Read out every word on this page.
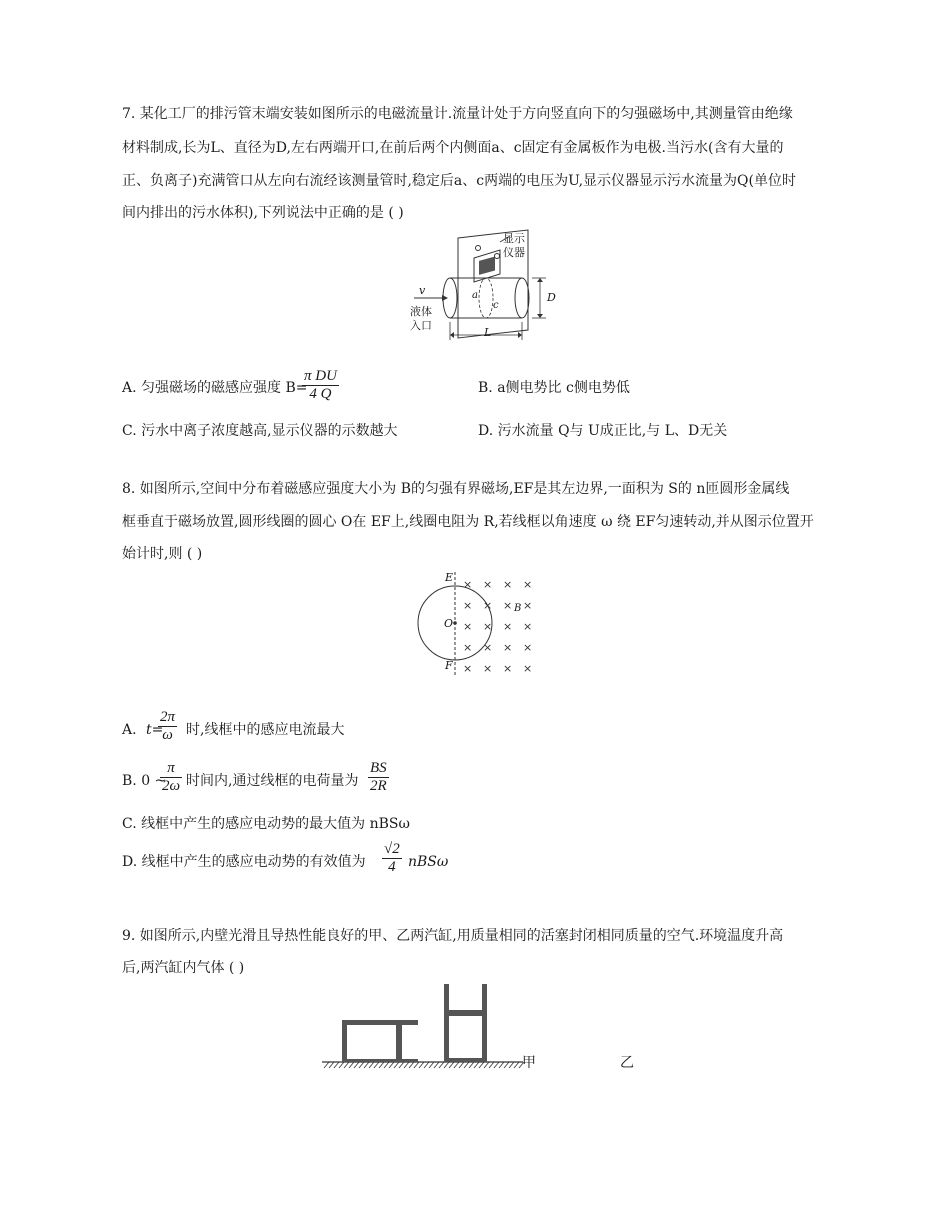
7. 某化工厂的排污管末端安装如图所示的电磁流量计.流量计处于方向竖直向下的匀强磁场中,其测量管由绝缘
材料制成,长为L、直径为D,左右两端开口,在前后两个内侧面a、c固定有金属板作为电极.当污水(含有大量的
正、负离子)充满管口从左向右流经该测量管时,稳定后a、c两端的电压为U,显示仪器显示污水流量为Q(单位时
间内排出的污水体积),下列说法中正确的是 ( )
显示
仪器
v
液体
入口
a
c
D
L
A. 匀强磁场的磁感应强度 B=
$\frac{\text{π DU}}{4 Q}$	B. a侧电势比 c侧电势低
C. 污水中离子浓度越高,显示仪器的示数越大	D. 污水流量 Q与 U成正比,与 L、D无关
8. 如图所示,空间中分布着磁感应强度大小为 B的匀强有界磁场,EF是其左边界,一面积为 S的 n匝圆形金属线
框垂直于磁场放置,圆形线圈的圆心 O在 EF上,线圈电阻为 R,若线框以角速度 ω 绕 EF匀速转动,并从图示位置开
始计时,则 ( )
× × × ×
× × × ×
× × × ×
× × × ×
× × × ×
E
F
O
B
A. t=
$\frac{2\pi}{\omega}$ 时,线框中的感应电流最大
B. 0 ~
$\frac{\pi}{2\omega}$ 时间内,通过线框的电荷量为 $\frac{BS}{2R}$
C. 线框中产生的感应电动势的最大值为 nBSω
D. 线框中产生的感应电动势的有效值为 $\frac{√2}{4}$ nBSω
9. 如图所示,内壁光滑且导热性能良好的甲、乙两汽缸,用质量相同的活塞封闭相同质量的空气.环境温度升高
后,两汽缸内气体 ( )
甲	乙
